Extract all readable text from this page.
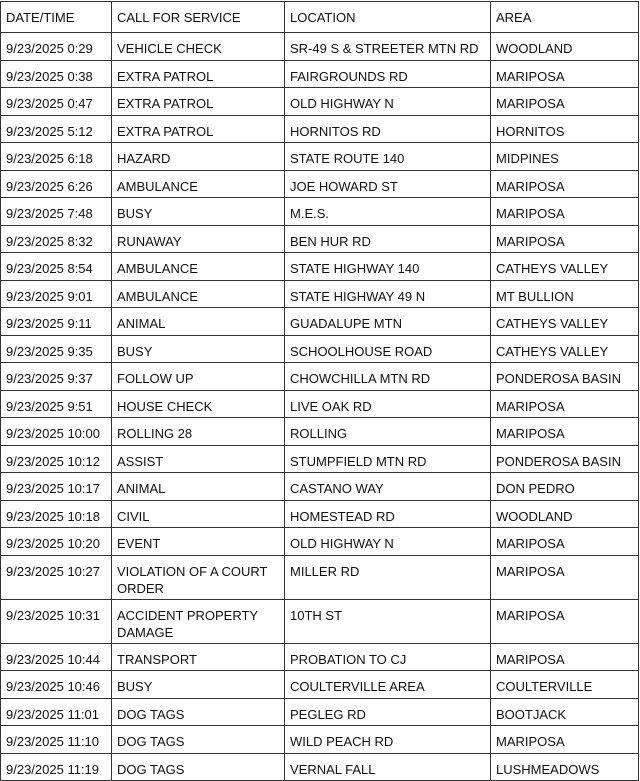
DATE/TIME	CALL FOR SERVICE	LOCATION	AREA
9/23/2025 0:29	VEHICLE CHECK	SR-49 S & STREETER MTN RD	WOODLAND
9/23/2025 0:38	EXTRA PATROL	FAIRGROUNDS RD	MARIPOSA
9/23/2025 0:47	EXTRA PATROL	OLD HIGHWAY N	MARIPOSA
9/23/2025 5:12	EXTRA PATROL	HORNITOS RD	HORNITOS
9/23/2025 6:18	HAZARD	STATE ROUTE 140	MIDPINES
9/23/2025 6:26	AMBULANCE	JOE HOWARD ST	MARIPOSA
9/23/2025 7:48	BUSY	M.E.S.	MARIPOSA
9/23/2025 8:32	RUNAWAY	BEN HUR RD	MARIPOSA
9/23/2025 8:54	AMBULANCE	STATE HIGHWAY 140	CATHEYS VALLEY
9/23/2025 9:01	AMBULANCE	STATE HIGHWAY 49 N	MT BULLION
9/23/2025 9:11	ANIMAL	GUADALUPE MTN	CATHEYS VALLEY
9/23/2025 9:35	BUSY	SCHOOLHOUSE ROAD	CATHEYS VALLEY
9/23/2025 9:37	FOLLOW UP	CHOWCHILLA MTN RD	PONDEROSA BASIN
9/23/2025 9:51	HOUSE CHECK	LIVE OAK RD	MARIPOSA
9/23/2025 10:00	ROLLING 28	ROLLING	MARIPOSA
9/23/2025 10:12	ASSIST	STUMPFIELD MTN RD	PONDEROSA BASIN
9/23/2025 10:17	ANIMAL	CASTANO WAY	DON PEDRO
9/23/2025 10:18	CIVIL	HOMESTEAD RD	WOODLAND
9/23/2025 10:20	EVENT	OLD HIGHWAY N	MARIPOSA
9/23/2025 10:27	VIOLATION OF A COURT ORDER	MILLER RD	MARIPOSA
9/23/2025 10:31	ACCIDENT PROPERTY DAMAGE	10TH ST	MARIPOSA
9/23/2025 10:44	TRANSPORT	PROBATION TO CJ	MARIPOSA
9/23/2025 10:46	BUSY	COULTERVILLE AREA	COULTERVILLE
9/23/2025 11:01	DOG TAGS	PEGLEG RD	BOOTJACK
9/23/2025 11:10	DOG TAGS	WILD PEACH RD	MARIPOSA
9/23/2025 11:19	DOG TAGS	VERNAL FALL	LUSHMEADOWS
